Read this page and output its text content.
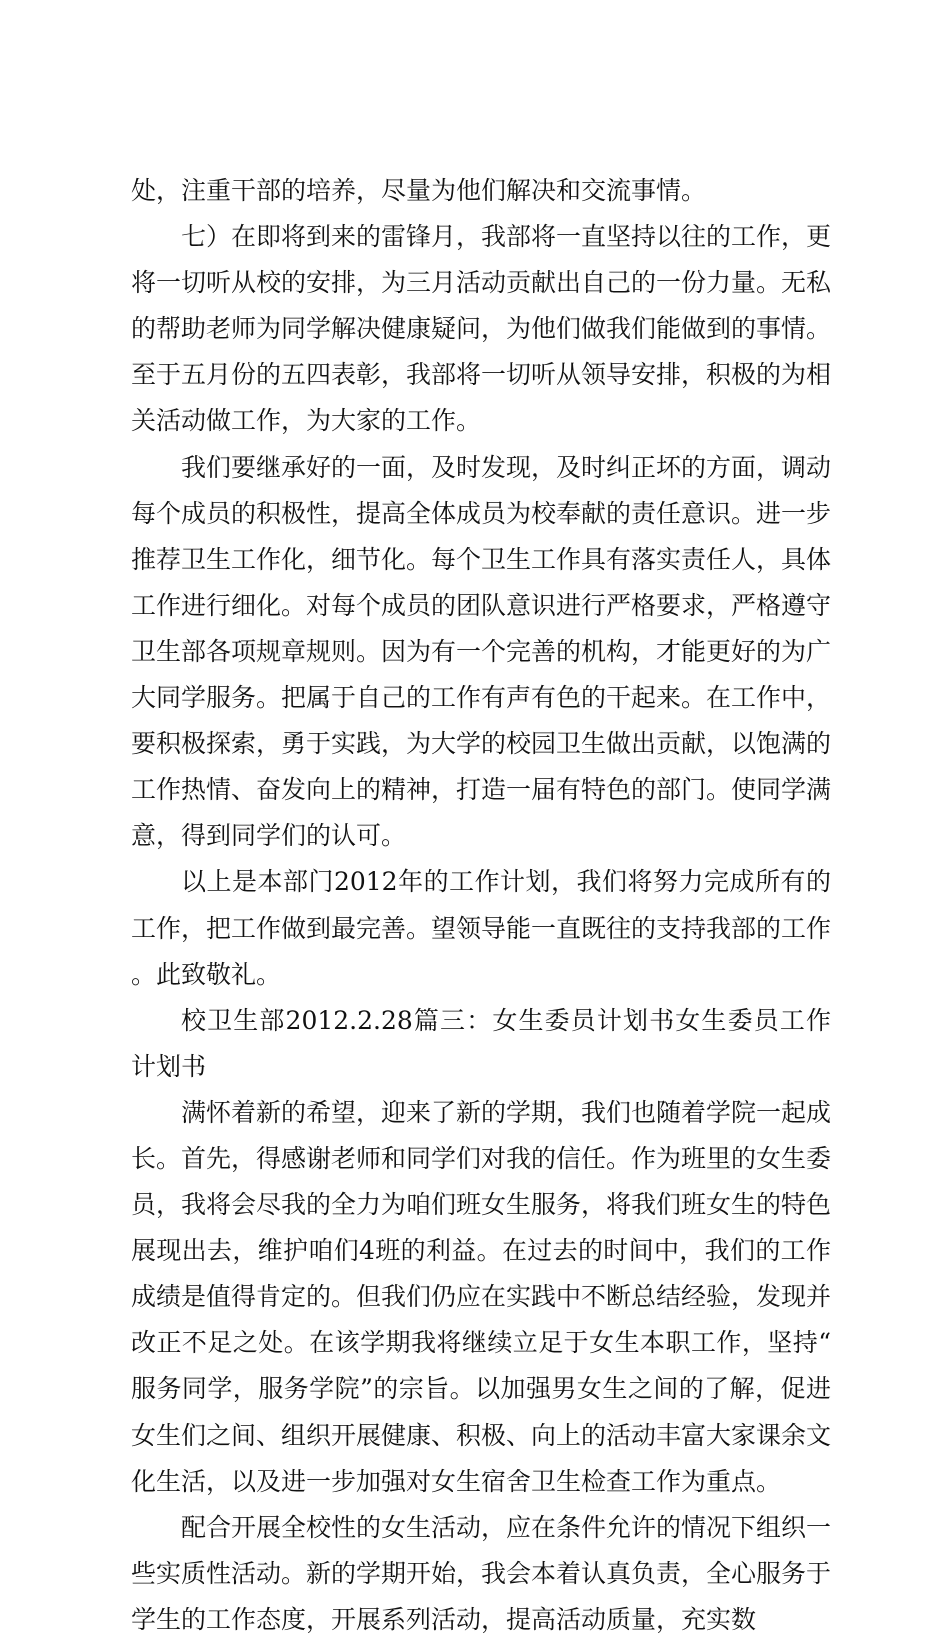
处，注重干部的培养，尽量为他们解决和交流事情。

七）在即将到来的雷锋月，我部将一直坚持以往的工作，更将一切听从校的安排，为三月活动贡献出自己的一份力量。无私的帮助老师为同学解决健康疑问，为他们做我们能做到的事情。至于五月份的五四表彰，我部将一切听从领导安排，积极的为相关活动做工作，为大家的工作。

我们要继承好的一面，及时发现，及时纠正坏的方面，调动每个成员的积极性，提高全体成员为校奉献的责任意识。进一步推荐卫生工作化，细节化。每个卫生工作具有落实责任人，具体工作进行细化。对每个成员的团队意识进行严格要求，严格遵守卫生部各项规章规则。因为有一个完善的机构，才能更好的为广大同学服务。把属于自己的工作有声有色的干起来。在工作中，要积极探索，勇于实践，为大学的校园卫生做出贡献，以饱满的工作热情、奋发向上的精神，打造一届有特色的部门。使同学满意，得到同学们的认可。

以上是本部门2012年的工作计划，我们将努力完成所有的工作，把工作做到最完善。望领导能一直既往的支持我部的工作。此致敬礼。

校卫生部2012.2.28篇三：女生委员计划书女生委员工作计划书

满怀着新的希望，迎来了新的学期，我们也随着学院一起成长。首先，得感谢老师和同学们对我的信任。作为班里的女生委员，我将会尽我的全力为咱们班女生服务，将我们班女生的特色展现出去，维护咱们4班的利益。在过去的时间中，我们的工作成绩是值得肯定的。但我们仍应在实践中不断总结经验，发现并改正不足之处。在该学期我将继续立足于女生本职工作，坚持“服务同学，服务学院”的宗旨。以加强男女生之间的了解，促进女生们之间、组织开展健康、积极、向上的活动丰富大家课余文化生活，以及进一步加强对女生宿舍卫生检查工作为重点。

配合开展全校性的女生活动，应在条件允许的情况下组织一些实质性活动。新的学期开始，我会本着认真负责，全心服务于学生的工作态度，开展系列活动，提高活动质量，充实数
